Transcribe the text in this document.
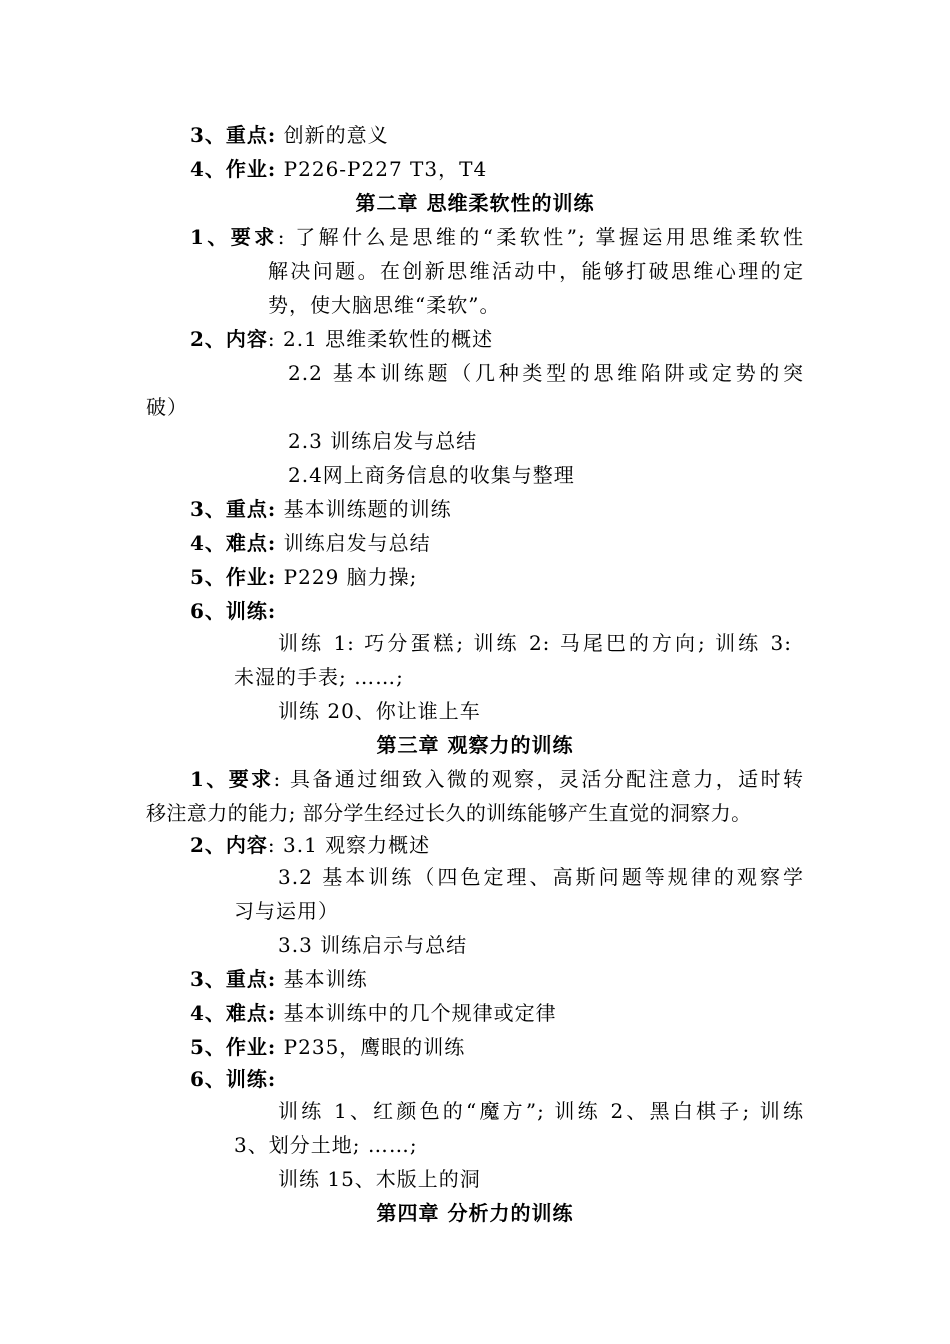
3、重点: 创新的意义
4、作业: P226-P227 T3，T4
第二章 思维柔软性的训练
1、要求: 了解什么是思维的“柔软性”; 掌握运用思维柔软性
解决问题。在创新思维活动中，能够打破思维心理的定
势，使大脑思维“柔软”。
2、内容: 2.1 思维柔软性的概述
2.2 基本训练题（几种类型的思维陷阱或定势的突
破）
2.3 训练启发与总结
2.4网上商务信息的收集与整理
3、重点: 基本训练题的训练
4、难点: 训练启发与总结
5、作业: P229 脑力操;
6、训练:
训练 1: 巧分蛋糕; 训练 2: 马尾巴的方向; 训练 3:
未湿的手表; ……;
训练 20、你让谁上车
第三章 观察力的训练
1、要求: 具备通过细致入微的观察，灵活分配注意力，适时转
移注意力的能力; 部分学生经过长久的训练能够产生直觉的洞察力。
2、内容: 3.1 观察力概述
3.2 基本训练（四色定理、高斯问题等规律的观察学
习与运用）
3.3 训练启示与总结
3、重点: 基本训练
4、难点: 基本训练中的几个规律或定律
5、作业: P235，鹰眼的训练
6、训练:
训练 1、红颜色的“魔方”; 训练 2、黑白棋子; 训练
3、划分土地; ……;
训练 15、木版上的洞
第四章 分析力的训练
